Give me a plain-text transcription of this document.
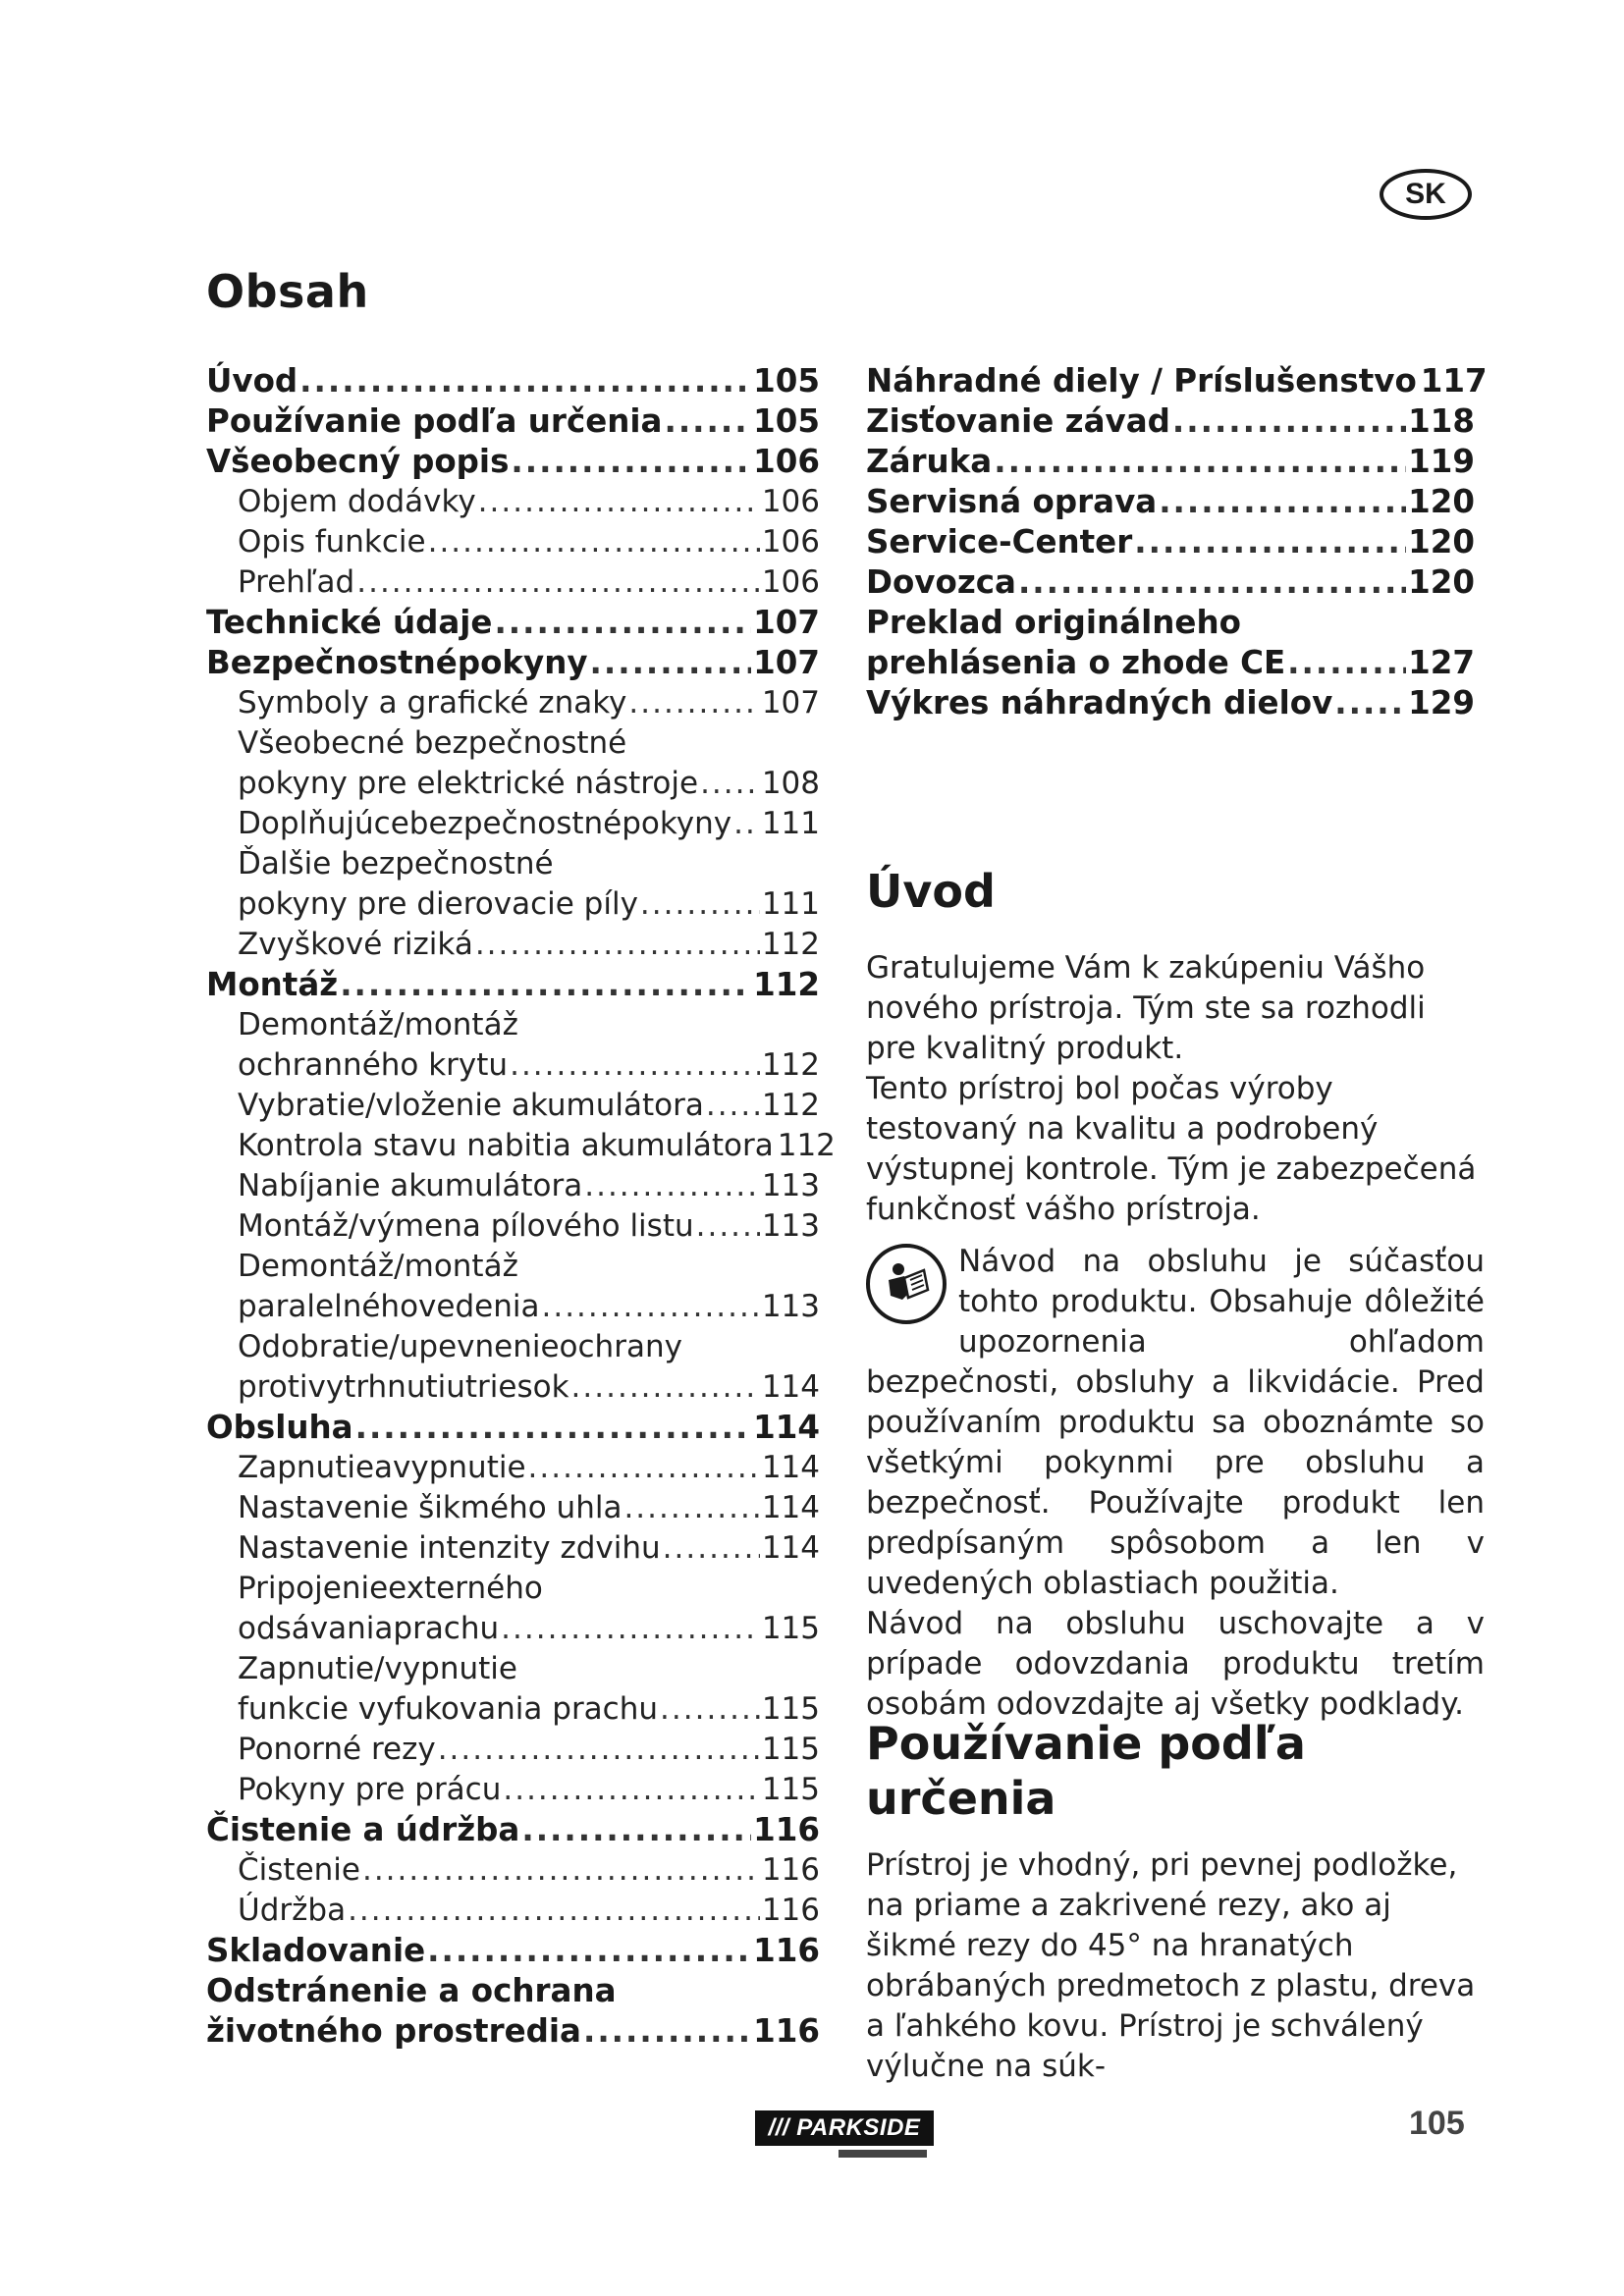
SK
Obsah
Úvod .....	105
Používanie podľa určenia .....	105
Všeobecný popis .....	106
Objem dodávky .....	106
Opis funkcie .....	106
Prehľad .....	106
Technické údaje .....	107
Bezpečnostnépokyny .....	107
Symboly a grafické znaky .....	107
Všeobecné bezpečnostné
pokyny pre elektrické nástroje ..... 108
Doplňujúcebezpečnostnépokyny ..... 111
Ďalšie bezpečnostné
pokyny pre dierovacie píly .....	111
Zvyškové riziká .....	112
Montáž .....	112
Demontáž/montáž
ochranného krytu .....	112
Vybratie/vloženie akumulátora ..... 112
Kontrola stavu nabitia akumulátora 112
Nabíjanie akumulátora .....	113
Montáž/výmena pílového listu ..... 113
Demontáž/montáž
paralelnéhovedenia .....	113
Odobratie/upevnenieochrany
protivytrhnutiutriesok .....	114
Obsluha .....	114
Zapnutieavypnutie .....	114
Nastavenie šikmého uhla .....	114
Nastavenie intenzity zdvihu .....	114
Pripojenieexterného
odsávaniaprachu .....	115
Zapnutie/vypnutie
funkcie vyfukovania prachu .....	115
Ponorné rezy .....	115
Pokyny pre prácu .....	115
Čistenie a údržba .....	116
Čistenie .....	116
Údržba .....	116
Skladovanie .....	116
Odstránenie a ochrana
životného prostredia .....	116
Náhradné diely / Príslušenstvo 117
Zisťovanie závad .....	118
Záruka .....	119
Servisná oprava .....	120
Service-Center .....	120
Dovozca .....	120
Preklad originálneho
prehlásenia o zhode CE .....	127
Výkres náhradných dielov ..... 129
Úvod

Gratulujeme Vám k zakúpeniu Vášho nového prístroja. Tým ste sa rozhodli pre kvalitný produkt.

Tento prístroj bol počas výroby testovaný na kvalitu a podrobený výstupnej kontrole. Tým je zabezpečená funkčnosť vášho prístroja.

Návod na obsluhu je súčasťou tohto produktu. Obsahuje dôležité upozornenia ohľadom bezpečnosti, obsluhy a likvidácie. Pred používaním produktu sa oboznámte so všetkými pokynmi pre obsluhu a bezpečnosť. Používajte produkt len predpísaným spôsobom a len v uvedených oblastiach použitia.

Návod na obsluhu uschovajte a v prípade odovzdania produktu tretím osobám odovzdajte aj všetky podklady.

Používanie podľa určenia

Prístroj je vhodný, pri pevnej podložke, na priame a zakrivené rezy, ako aj šikmé rezy do 45° na hranatých obrábaných predmetoch z plastu, dreva a ľahkého kovu. Prístroj je schválený výlučne na súk-

/// PARKSIDE	105
